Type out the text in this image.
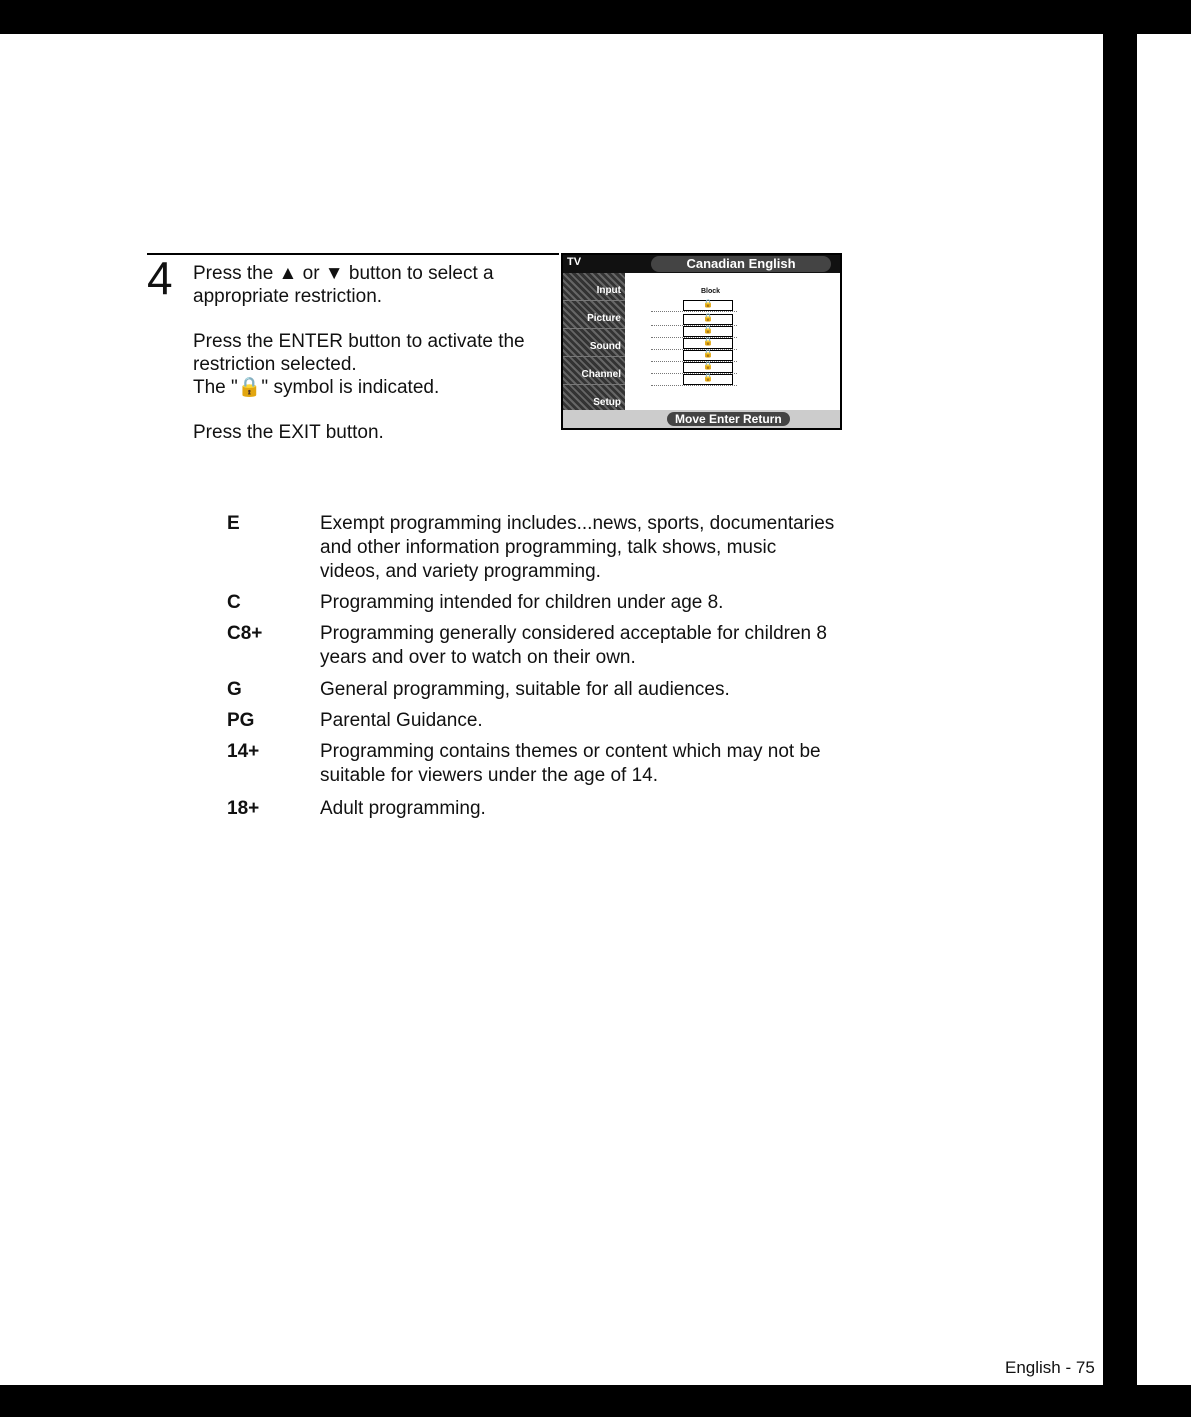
4 Press the ▲ or ▼ button to select a appropriate restriction.

Press the ENTER button to activate the restriction selected.
The "🔒" symbol is indicated.

Press the EXIT button.

TV	Canadian English
Input
Picture
Sound
Channel
Setup
Block
🔒
🔒
🔒
🔒
🔒
🔒
🔒
Move Enter Return
E	Exempt programming includes...news, sports, documentaries and other information programming, talk shows, music videos, and variety programming.
C	Programming intended for children under age 8.
C8+	Programming generally considered acceptable for children 8 years and over to watch on their own.
G	General programming, suitable for all audiences.
PG	Parental Guidance.
14+	Programming contains themes or content which may not be suitable for viewers under the age of 14.
18+	Adult programming.
English - 75
